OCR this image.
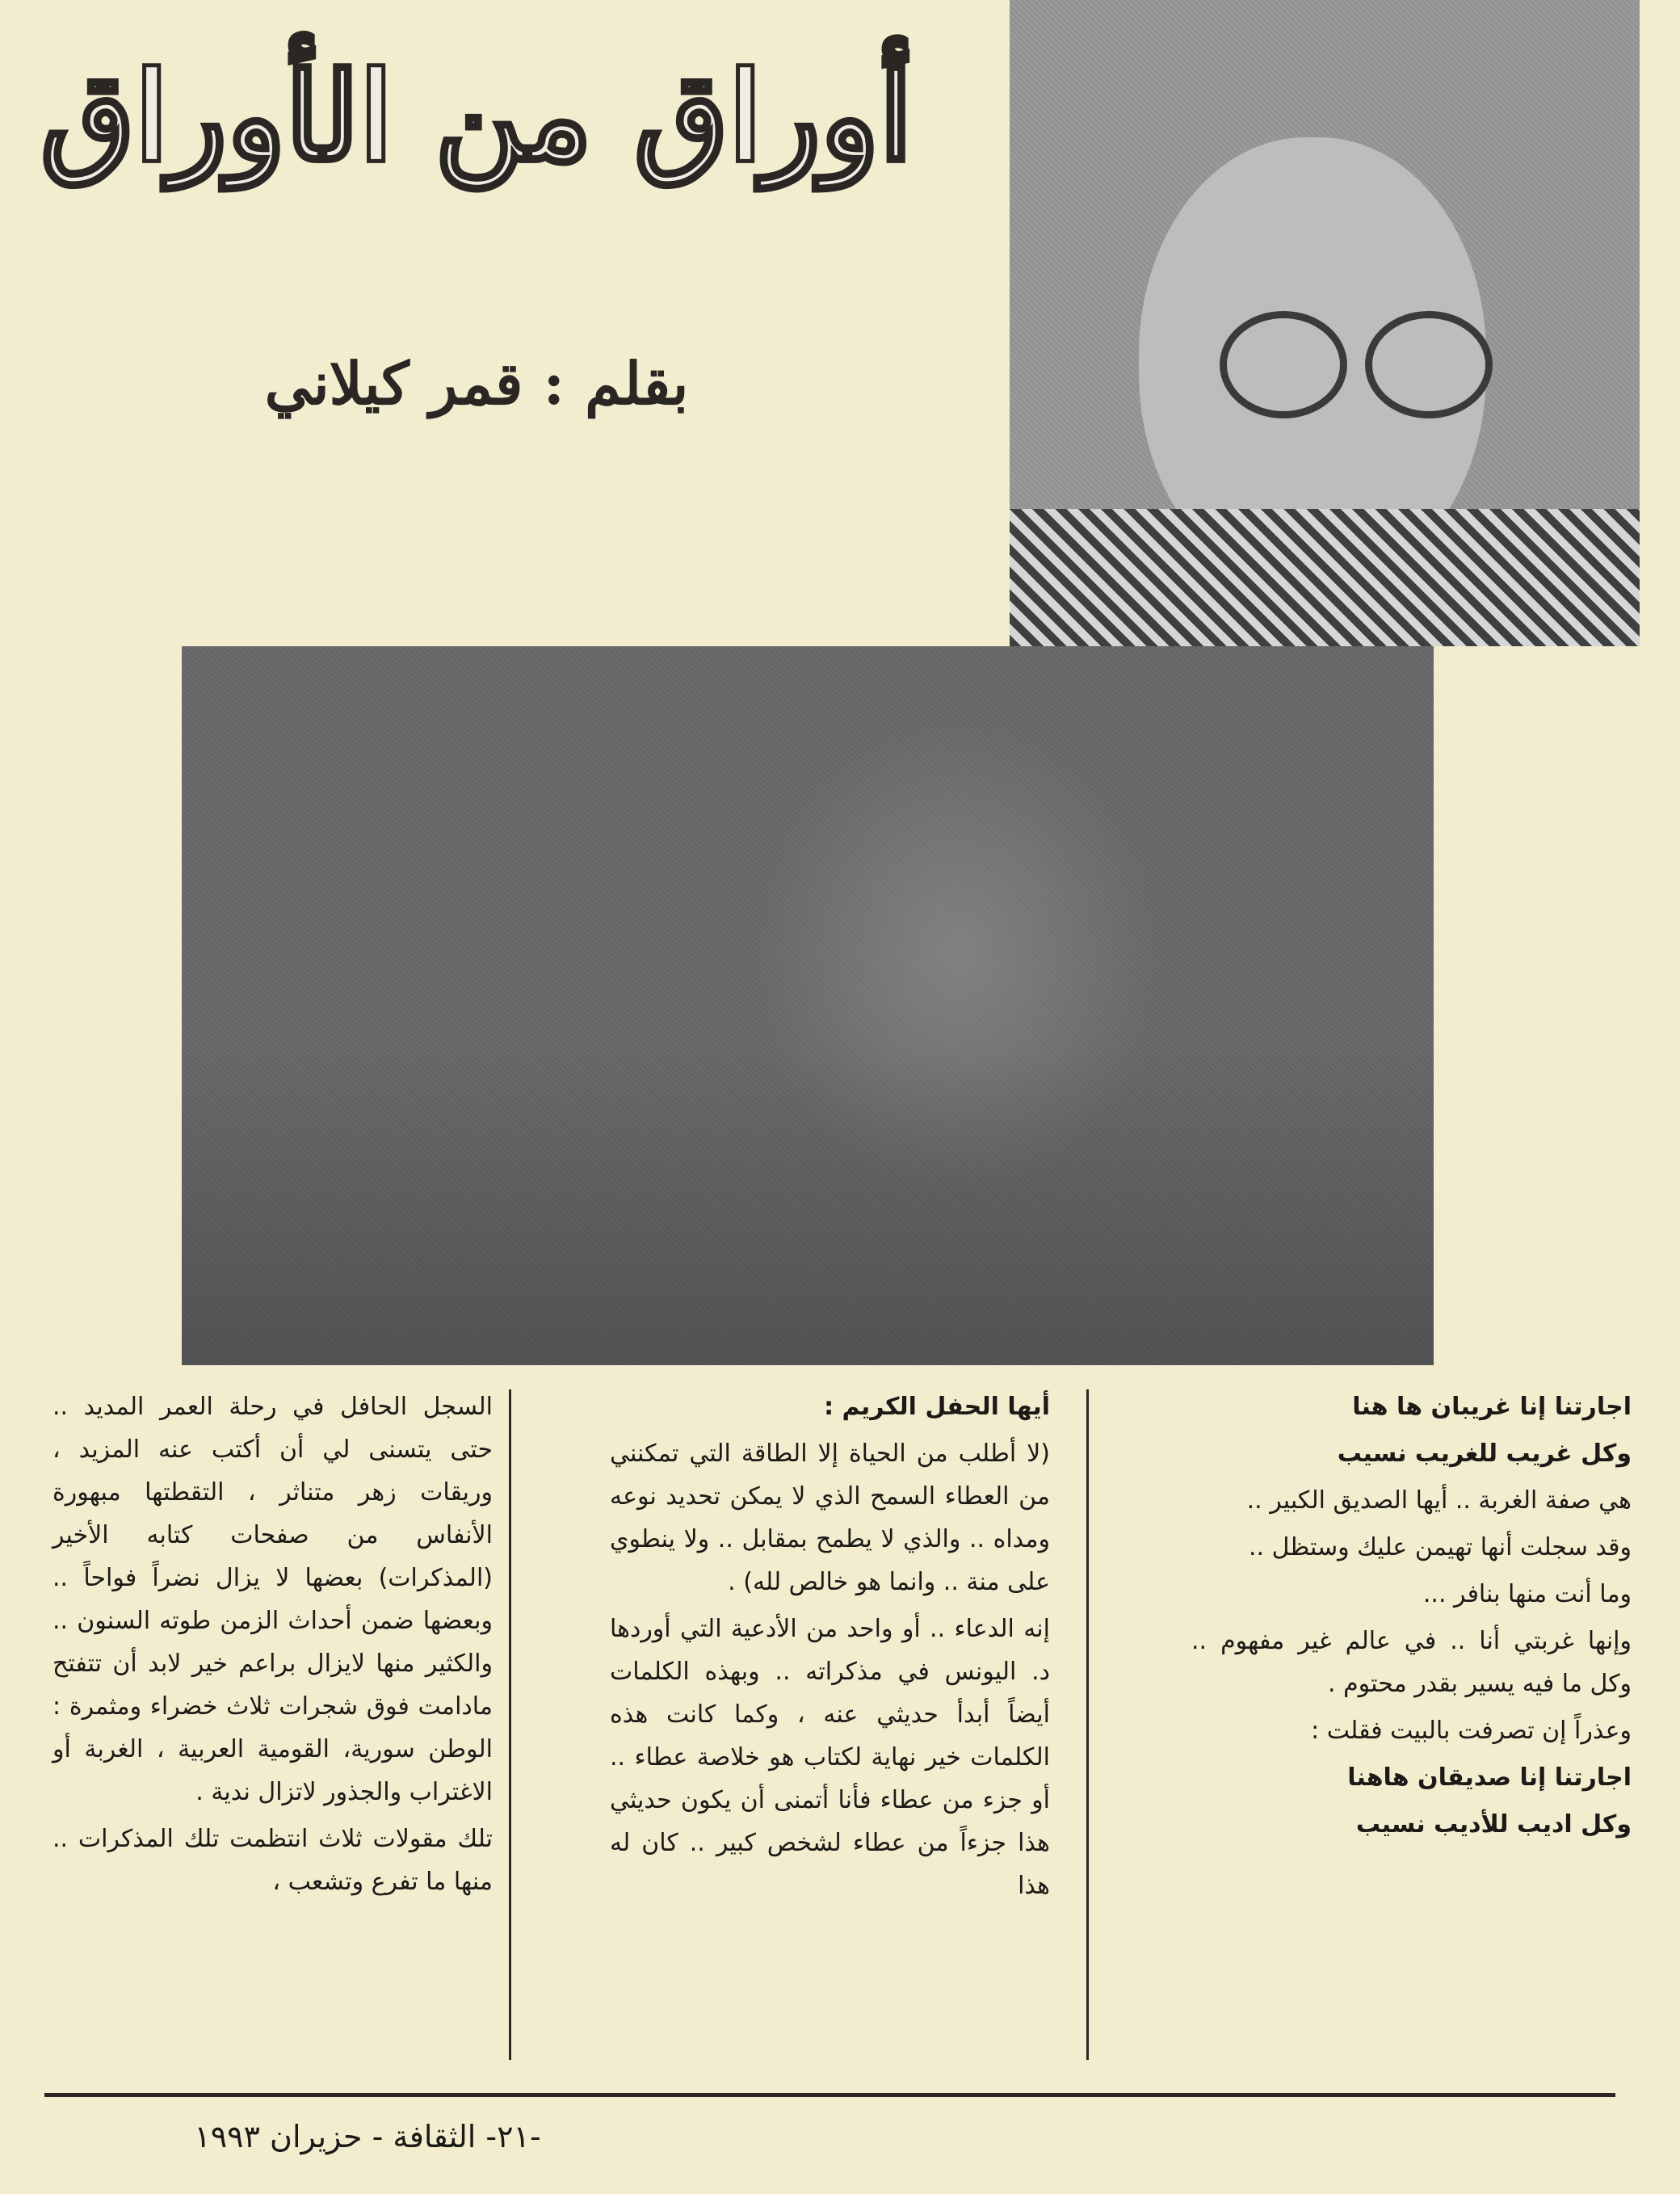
أوراق من الأوراق
بقلم : قمر كيلاني

اجارتنا إنا غريبان ها هنا

وكل غريب للغريب نسيب

هي صفة الغربة .. أيها الصديق الكبير ..

وقد سجلت أنها تهيمن عليك وستظل ..

وما أنت منها بنافر ...

وإنها غربتي أنا .. في عالم غير مفهوم .. وكل ما فيه يسير بقدر محتوم .

وعذراً إن تصرفت بالبيت فقلت :

اجارتنا إنا صديقان هاهنا

وكل اديب للأديب نسيب

أيها الحفل الكريم :

(لا أطلب من الحياة إلا الطاقة التي تمكنني من العطاء السمح الذي لا يمكن تحديد نوعه ومداه .. والذي لا يطمح بمقابل .. ولا ينطوي على منة .. وانما هو خالص لله) .

إنه الدعاء .. أو واحد من الأدعية التي أوردها د. اليونس في مذكراته .. وبهذه الكلمات أيضاً أبدأ حديثي عنه ، وكما كانت هذه الكلمات خير نهاية لكتاب هو خلاصة عطاء .. أو جزء من عطاء فأنا أتمنى أن يكون حديثي هذا جزءاً من عطاء لشخص كبير .. كان له هذا

السجل الحافل في رحلة العمر المديد .. حتى يتسنى لي أن أكتب عنه المزيد ، وريقات زهر متناثر ، التقطتها مبهورة الأنفاس من صفحات كتابه الأخير (المذكرات) بعضها لا يزال نضراً فواحاً .. وبعضها ضمن أحداث الزمن طوته السنون .. والكثير منها لايزال براعم خير لابد أن تتفتح مادامت فوق شجرات ثلاث خضراء ومثمرة : الوطن سورية، القومية العربية ، الغربة أو الاغتراب والجذور لاتزال ندية .

تلك مقولات ثلاث انتظمت تلك المذكرات .. منها ما تفرع وتشعب ،

-٢١- الثقافة - حزيران ١٩٩٣
